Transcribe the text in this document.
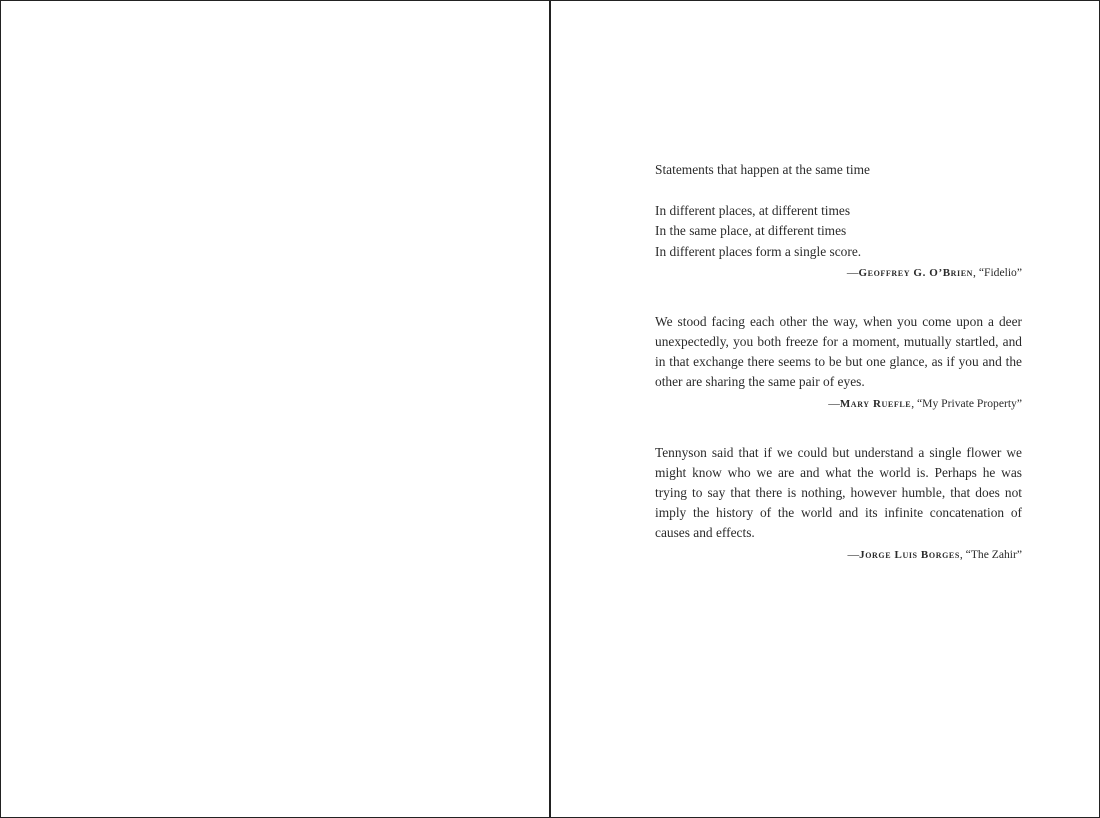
Statements that happen at the same time
In different places, at different times
In the same place, at different times
In different places form a single score.
—Geoffrey G. O’Brien, “Fidelio”
We stood facing each other the way, when you come upon a deer unexpectedly, you both freeze for a moment, mutually startled, and in that exchange there seems to be but one glance, as if you and the other are sharing the same pair of eyes.
—Mary Ruefle, “My Private Property”
Tennyson said that if we could but understand a single flower we might know who we are and what the world is. Perhaps he was trying to say that there is nothing, however humble, that does not imply the history of the world and its infinite concatenation of causes and effects.
—Jorge Luis Borges, “The Zahir”
